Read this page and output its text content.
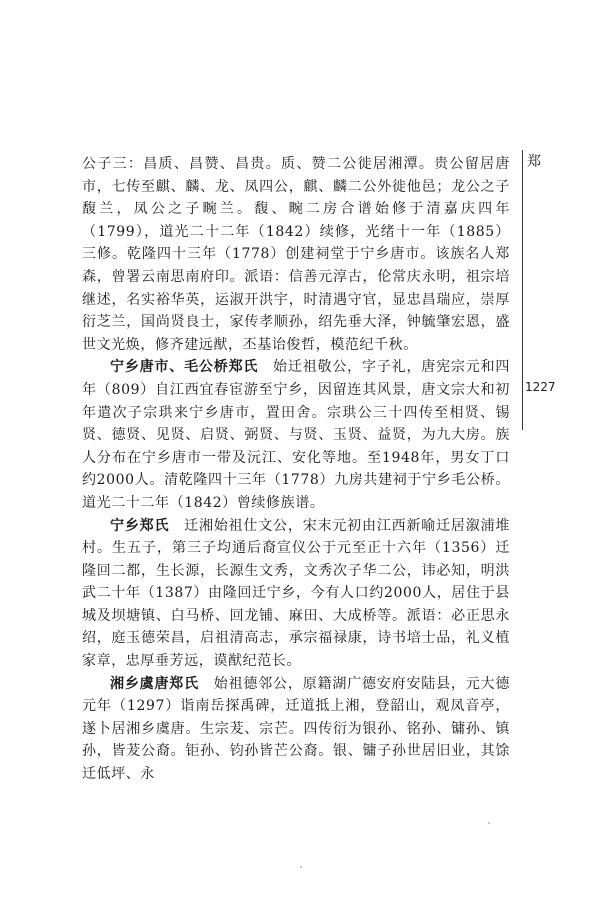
公子三：昌质、昌赞、昌贵。质、赞二公徙居湘潭。贵公留居唐市，七传至麒、麟、龙、凤四公，麒、麟二公外徙他邑；龙公之子馥兰，凤公之子畹兰。馥、畹二房合谱始修于清嘉庆四年（1799），道光二十二年（1842）续修，光绪十一年（1885）三修。乾隆四十三年（1778）创建祠堂于宁乡唐市。该族名人郑森，曾署云南思南府印。派语：信善元淳古，伦常庆永明，祖宗培继述，名实裕华英，运淑开洪宇，时清遇守官，显忠昌瑞应，崇厚衍芝兰，国尚贤良士，家传孝顺孙，绍先垂大泽，钟毓肇宏恩，盛世文光焕，修齐建远猷，丕基诒俊哲，模范纪千秋。

宁乡唐市、毛公桥郑氏　始迁祖敬公，字子礼，唐宪宗元和四年（809）自江西宜春宦游至宁乡，因留连其风景，唐文宗大和初年遣次子宗珙来宁乡唐市，置田舍。宗珙公三十四传至相贤、锡贤、德贤、见贤、启贤、弼贤、与贤、玉贤、益贤，为九大房。族人分布在宁乡唐市一带及沅江、安化等地。至1948年，男女丁口约2000人。清乾隆四十三年（1778）九房共建祠于宁乡毛公桥。道光二十二年（1842）曾续修族谱。

宁乡郑氏　迁湘始祖仕文公，宋末元初由江西新喻迁居溆浦堆村。生五子，第三子均通后裔宣仪公于元至正十六年（1356）迁隆回二都，生长源，长源生文秀，文秀次子华二公，讳必知，明洪武二十年（1387）由隆回迁宁乡，今有人口约2000人，居住于县城及坝塘镇、白马桥、回龙铺、麻田、大成桥等。派语：必正思永绍，庭玉德荣昌，启祖清高志，承宗福禄康，诗书培士品，礼义植家章，忠厚垂芳远，谟猷纪范长。

湘乡虞唐郑氏　始祖德邻公，原籍湖广德安府安陆县，元大德元年（1297）诣南岳探禹碑，迁道抵上湘，登韶山，观凤音亭，遂卜居湘乡虞唐。生宗茇、宗芒。四传衍为银孙、铭孙、镛孙、镇孙，皆茇公裔。钜孙、钧孙皆芒公裔。银、镛子孙世居旧业，其馀迁低坪、永

郑
1227
